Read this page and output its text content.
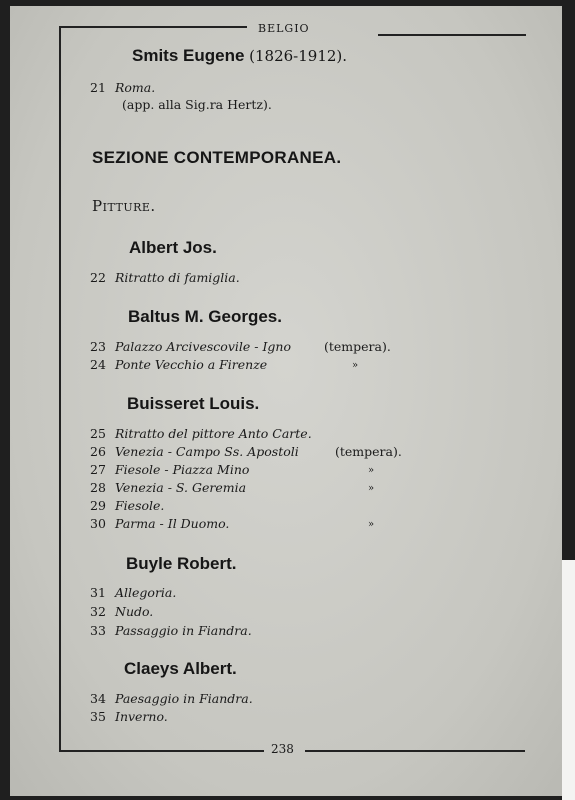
BELGIO
Smits Eugene (1826-1912).
21 Roma.
(app. alla Sig.ra Hertz).
SEZIONE CONTEMPORANEA.
Pitture.
Albert Jos.
22 Ritratto di famiglia.
Baltus M. Georges.
23 Palazzo Arcivescovile - Igno	(tempera).
24 Ponte Vecchio a Firenze	»
Buisseret Louis.
25 Ritratto del pittore Anto Carte.
26 Venezia - Campo Ss. Apostoli	(tempera).
27 Fiesole - Piazza Mino	»
28 Venezia - S. Geremia	»
29 Fiesole.
30 Parma - Il Duomo.	»
Buyle Robert.
31 Allegoria.
32 Nudo.
33 Passaggio in Fiandra.
Claeys Albert.
34 Paesaggio in Fiandra.
35 Inverno.
238
